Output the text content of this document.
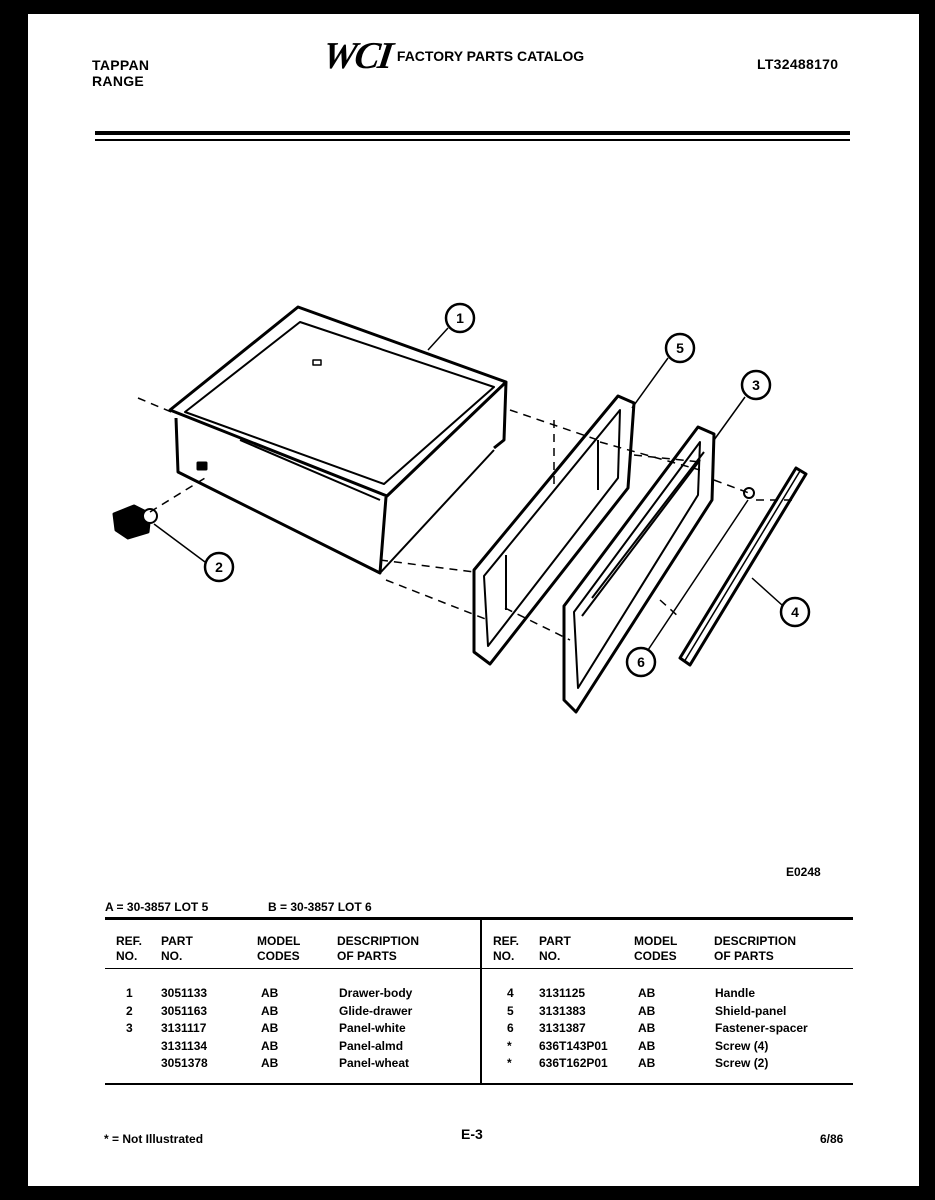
TAPPAN
RANGE
WCI FACTORY PARTS CATALOG	LT32488170
1
5
3
2
4
6
E0248
A = 30-3857 LOT 5	B = 30-3857 LOT 6
REF.
NO.
PART
NO.
MODEL
CODES
DESCRIPTION
OF PARTS
REF.
NO.
PART
NO.
MODEL
CODES
DESCRIPTION
OF PARTS
1 3051133	AB	Drawer-body
2 3051163	AB	Glide-drawer
3 3131117	AB	Panel-white
3131134	AB	Panel-almd
3051378	AB	Panel-wheat
4 3131125	AB	Handle
5 3131383	AB	Shield-panel
6 3131387	AB	Fastener-spacer
* 636T143P01	AB	Screw (4)
* 636T162P01	AB	Screw (2)
* = Not Illustrated	E-3	6/86
